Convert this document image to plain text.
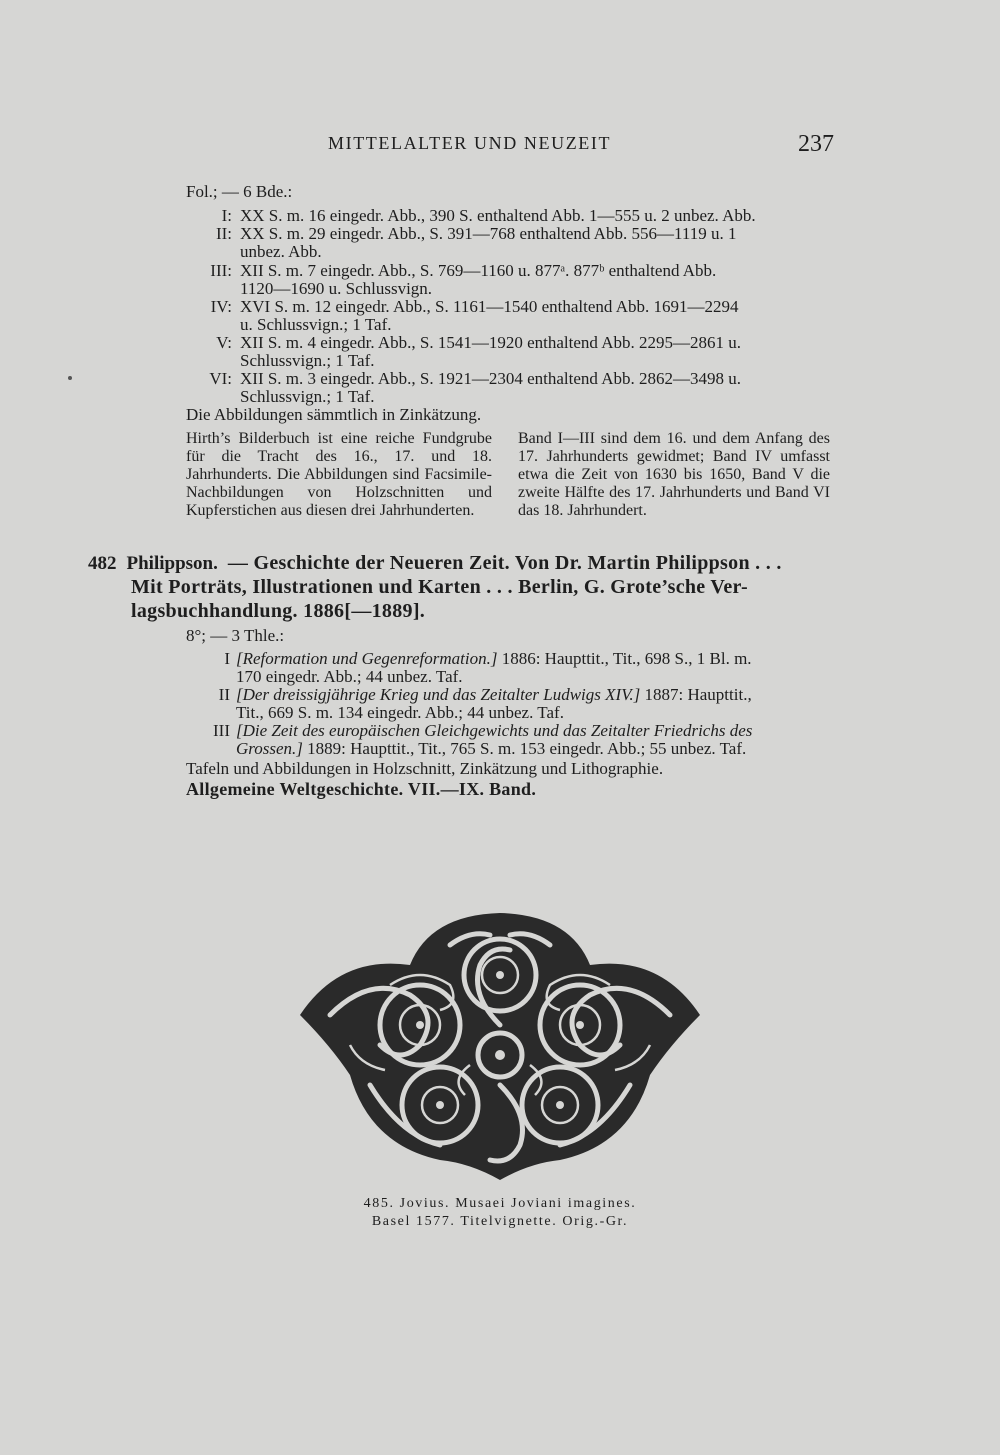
MITTELALTER UND NEUZEIT	237
Fol.; — 6 Bde.:
I: XX S. m. 16 eingedr. Abb., 390 S. enthaltend Abb. 1—555 u. 2 unbez. Abb.
II: XX S. m. 29 eingedr. Abb., S. 391—768 enthaltend Abb. 556—1119 u. 1
unbez. Abb.
III: XII S. m. 7 eingedr. Abb., S. 769—1160 u. 877ᵃ. 877ᵇ enthaltend Abb.
1120—1690 u. Schlussvign.
IV: XVI S. m. 12 eingedr. Abb., S. 1161—1540 enthaltend Abb. 1691—2294
u. Schlussvign.; 1 Taf.
V: XII S. m. 4 eingedr. Abb., S. 1541—1920 enthaltend Abb. 2295—2861 u.
Schlussvign.; 1 Taf.
VI: XII S. m. 3 eingedr. Abb., S. 1921—2304 enthaltend Abb. 2862—3498 u.
Schlussvign.; 1 Taf.
Die Abbildungen sämmtlich in Zinkätzung.

Hirth’s Bilderbuch ist eine reiche Fundgrube für die Tracht des 16., 17. und 18. Jahrhunderts. Die Abbildungen sind Facsimile-Nachbildungen von Holzschnitten und Kupferstichen aus diesen drei Jahrhunderten.

Band I—III sind dem 16. und dem Anfang des 17. Jahrhunderts gewidmet; Band IV umfasst etwa die Zeit von 1630 bis 1650, Band V die zweite Hälfte des 17. Jahrhunderts und Band VI das 18. Jahrhundert.

482 Philippson. — Geschichte der Neueren Zeit. Von Dr. Martin Philippson . . .
Mit Porträts, Illustrationen und Karten . . . Berlin, G. Grote’sche Ver-
lagsbuchhandlung. 1886[—1889].
8°; — 3 Thle.:
I [Reformation und Gegenreformation.] 1886: Haupttit., Tit., 698 S., 1 Bl. m.
170 eingedr. Abb.; 44 unbez. Taf.
II [Der dreissigjährige Krieg und das Zeitalter Ludwigs XIV.] 1887: Haupttit.,
Tit., 669 S. m. 134 eingedr. Abb.; 44 unbez. Taf.
III [Die Zeit des europäischen Gleichgewichts und das Zeitalter Friedrichs des
Grossen.] 1889: Haupttit., Tit., 765 S. m. 153 eingedr. Abb.; 55 unbez. Taf.
Tafeln und Abbildungen in Holzschnitt, Zinkätzung und Lithographie.
Allgemeine Weltgeschichte. VII.—IX. Band.
485. Jovius. Musaei Joviani imagines.
Basel 1577. Titelvignette. Orig.-Gr.
